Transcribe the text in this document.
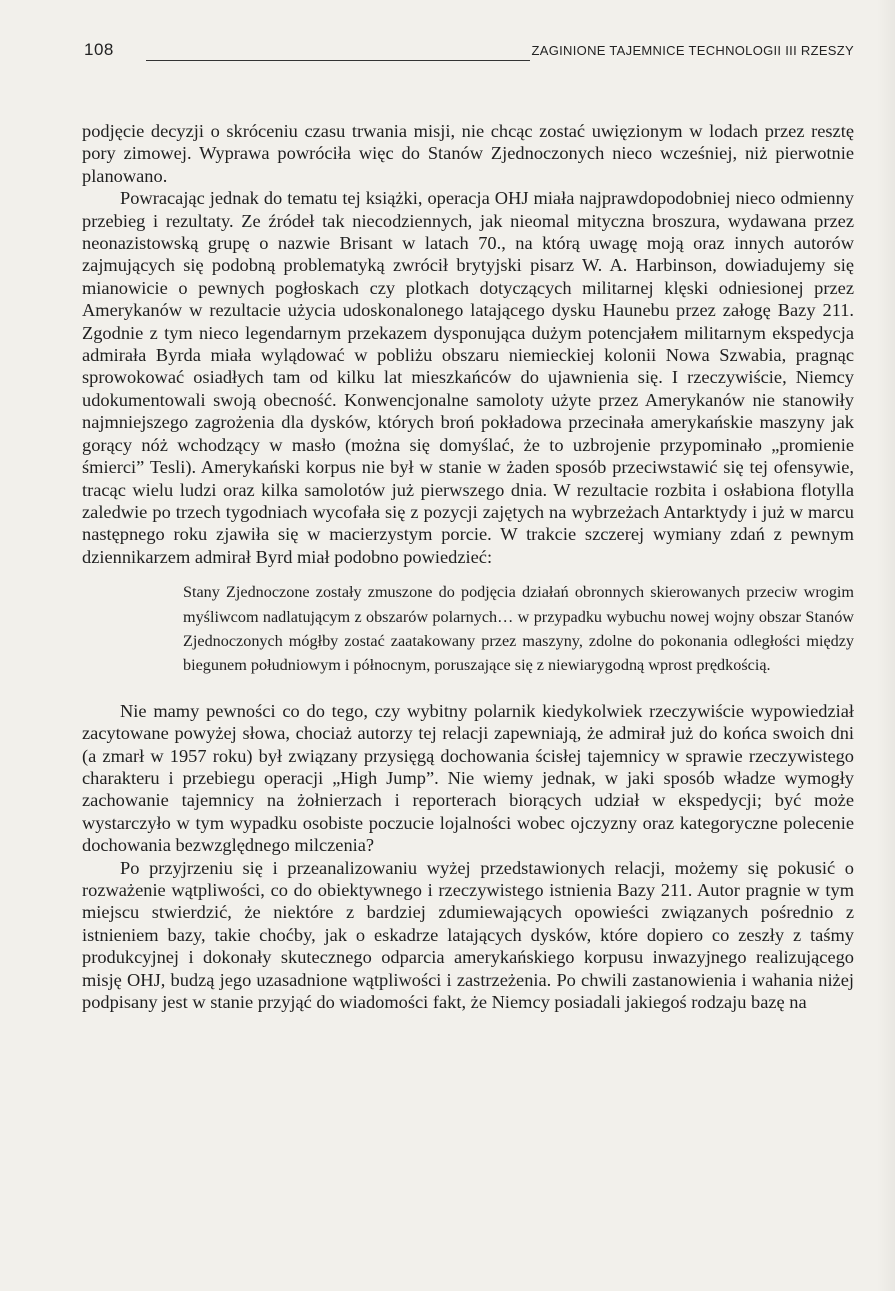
108	ZAGINIONE TAJEMNICE TECHNOLOGII III RZESZY

podjęcie decyzji o skróceniu czasu trwania misji, nie chcąc zostać uwięzionym w lodach przez resztę pory zimowej. Wyprawa powróciła więc do Stanów Zjednoczonych nieco wcześniej, niż pierwotnie planowano.

Powracając jednak do tematu tej książki, operacja OHJ miała najprawdopodobniej nieco odmienny przebieg i rezultaty. Ze źródeł tak niecodziennych, jak nieomal mityczna broszura, wydawana przez neonazistowską grupę o nazwie Brisant w latach 70., na którą uwagę moją oraz innych autorów zajmujących się podobną problematyką zwrócił brytyjski pisarz W. A. Harbinson, dowiadujemy się mianowicie o pewnych pogłoskach czy plotkach dotyczących militarnej klęski odniesionej przez Amerykanów w rezultacie użycia udoskonalonego latającego dysku Haunebu przez załogę Bazy 211. Zgodnie z tym nieco legendarnym przekazem dysponująca dużym potencjałem militarnym ekspedycja admirała Byrda miała wylądować w pobliżu obszaru niemieckiej kolonii Nowa Szwabia, pragnąc sprowokować osiadłych tam od kilku lat mieszkańców do ujawnienia się. I rzeczywiście, Niemcy udokumentowali swoją obecność. Konwencjonalne samoloty użyte przez Amerykanów nie stanowiły najmniejszego zagrożenia dla dysków, których broń pokładowa przecinała amerykańskie maszyny jak gorący nóż wchodzący w masło (można się domyślać, że to uzbrojenie przypominało „promienie śmierci” Tesli). Amerykański korpus nie był w stanie w żaden sposób przeciwstawić się tej ofensywie, tracąc wielu ludzi oraz kilka samolotów już pierwszego dnia. W rezultacie rozbita i osłabiona flotylla zaledwie po trzech tygodniach wycofała się z pozycji zajętych na wybrzeżach Antarktydy i już w marcu następnego roku zjawiła się w macierzystym porcie. W trakcie szczerej wymiany zdań z pewnym dziennikarzem admirał Byrd miał podobno powiedzieć:

Stany Zjednoczone zostały zmuszone do podjęcia działań obronnych skierowanych przeciw wrogim myśliwcom nadlatującym z obszarów polarnych… w przypadku wybuchu nowej wojny obszar Stanów Zjednoczonych mógłby zostać zaatakowany przez maszyny, zdolne do pokonania odległości między biegunem południowym i północnym, poruszające się z niewiarygodną wprost prędkością.

Nie mamy pewności co do tego, czy wybitny polarnik kiedykolwiek rzeczywiście wypowiedział zacytowane powyżej słowa, chociaż autorzy tej relacji zapewniają, że admirał już do końca swoich dni (a zmarł w 1957 roku) był związany przysięgą dochowania ścisłej tajemnicy w sprawie rzeczywistego charakteru i przebiegu operacji „High Jump”. Nie wiemy jednak, w jaki sposób władze wymogły zachowanie tajemnicy na żołnierzach i reporterach biorących udział w ekspedycji; być może wystarczyło w tym wypadku osobiste poczucie lojalności wobec ojczyzny oraz kategoryczne polecenie dochowania bezwzględnego milczenia?

Po przyjrzeniu się i przeanalizowaniu wyżej przedstawionych relacji, możemy się pokusić o rozważenie wątpliwości, co do obiektywnego i rzeczywistego istnienia Bazy 211. Autor pragnie w tym miejscu stwierdzić, że niektóre z bardziej zdumiewających opowieści związanych pośrednio z istnieniem bazy, takie choćby, jak o eskadrze latających dysków, które dopiero co zeszły z taśmy produkcyjnej i dokonały skutecznego odparcia amerykańskiego korpusu inwazyjnego realizującego misję OHJ, budzą jego uzasadnione wątpliwości i zastrzeżenia. Po chwili zastanowienia i wahania niżej podpisany jest w stanie przyjąć do wiadomości fakt, że Niemcy posiadali jakiegoś rodzaju bazę na
